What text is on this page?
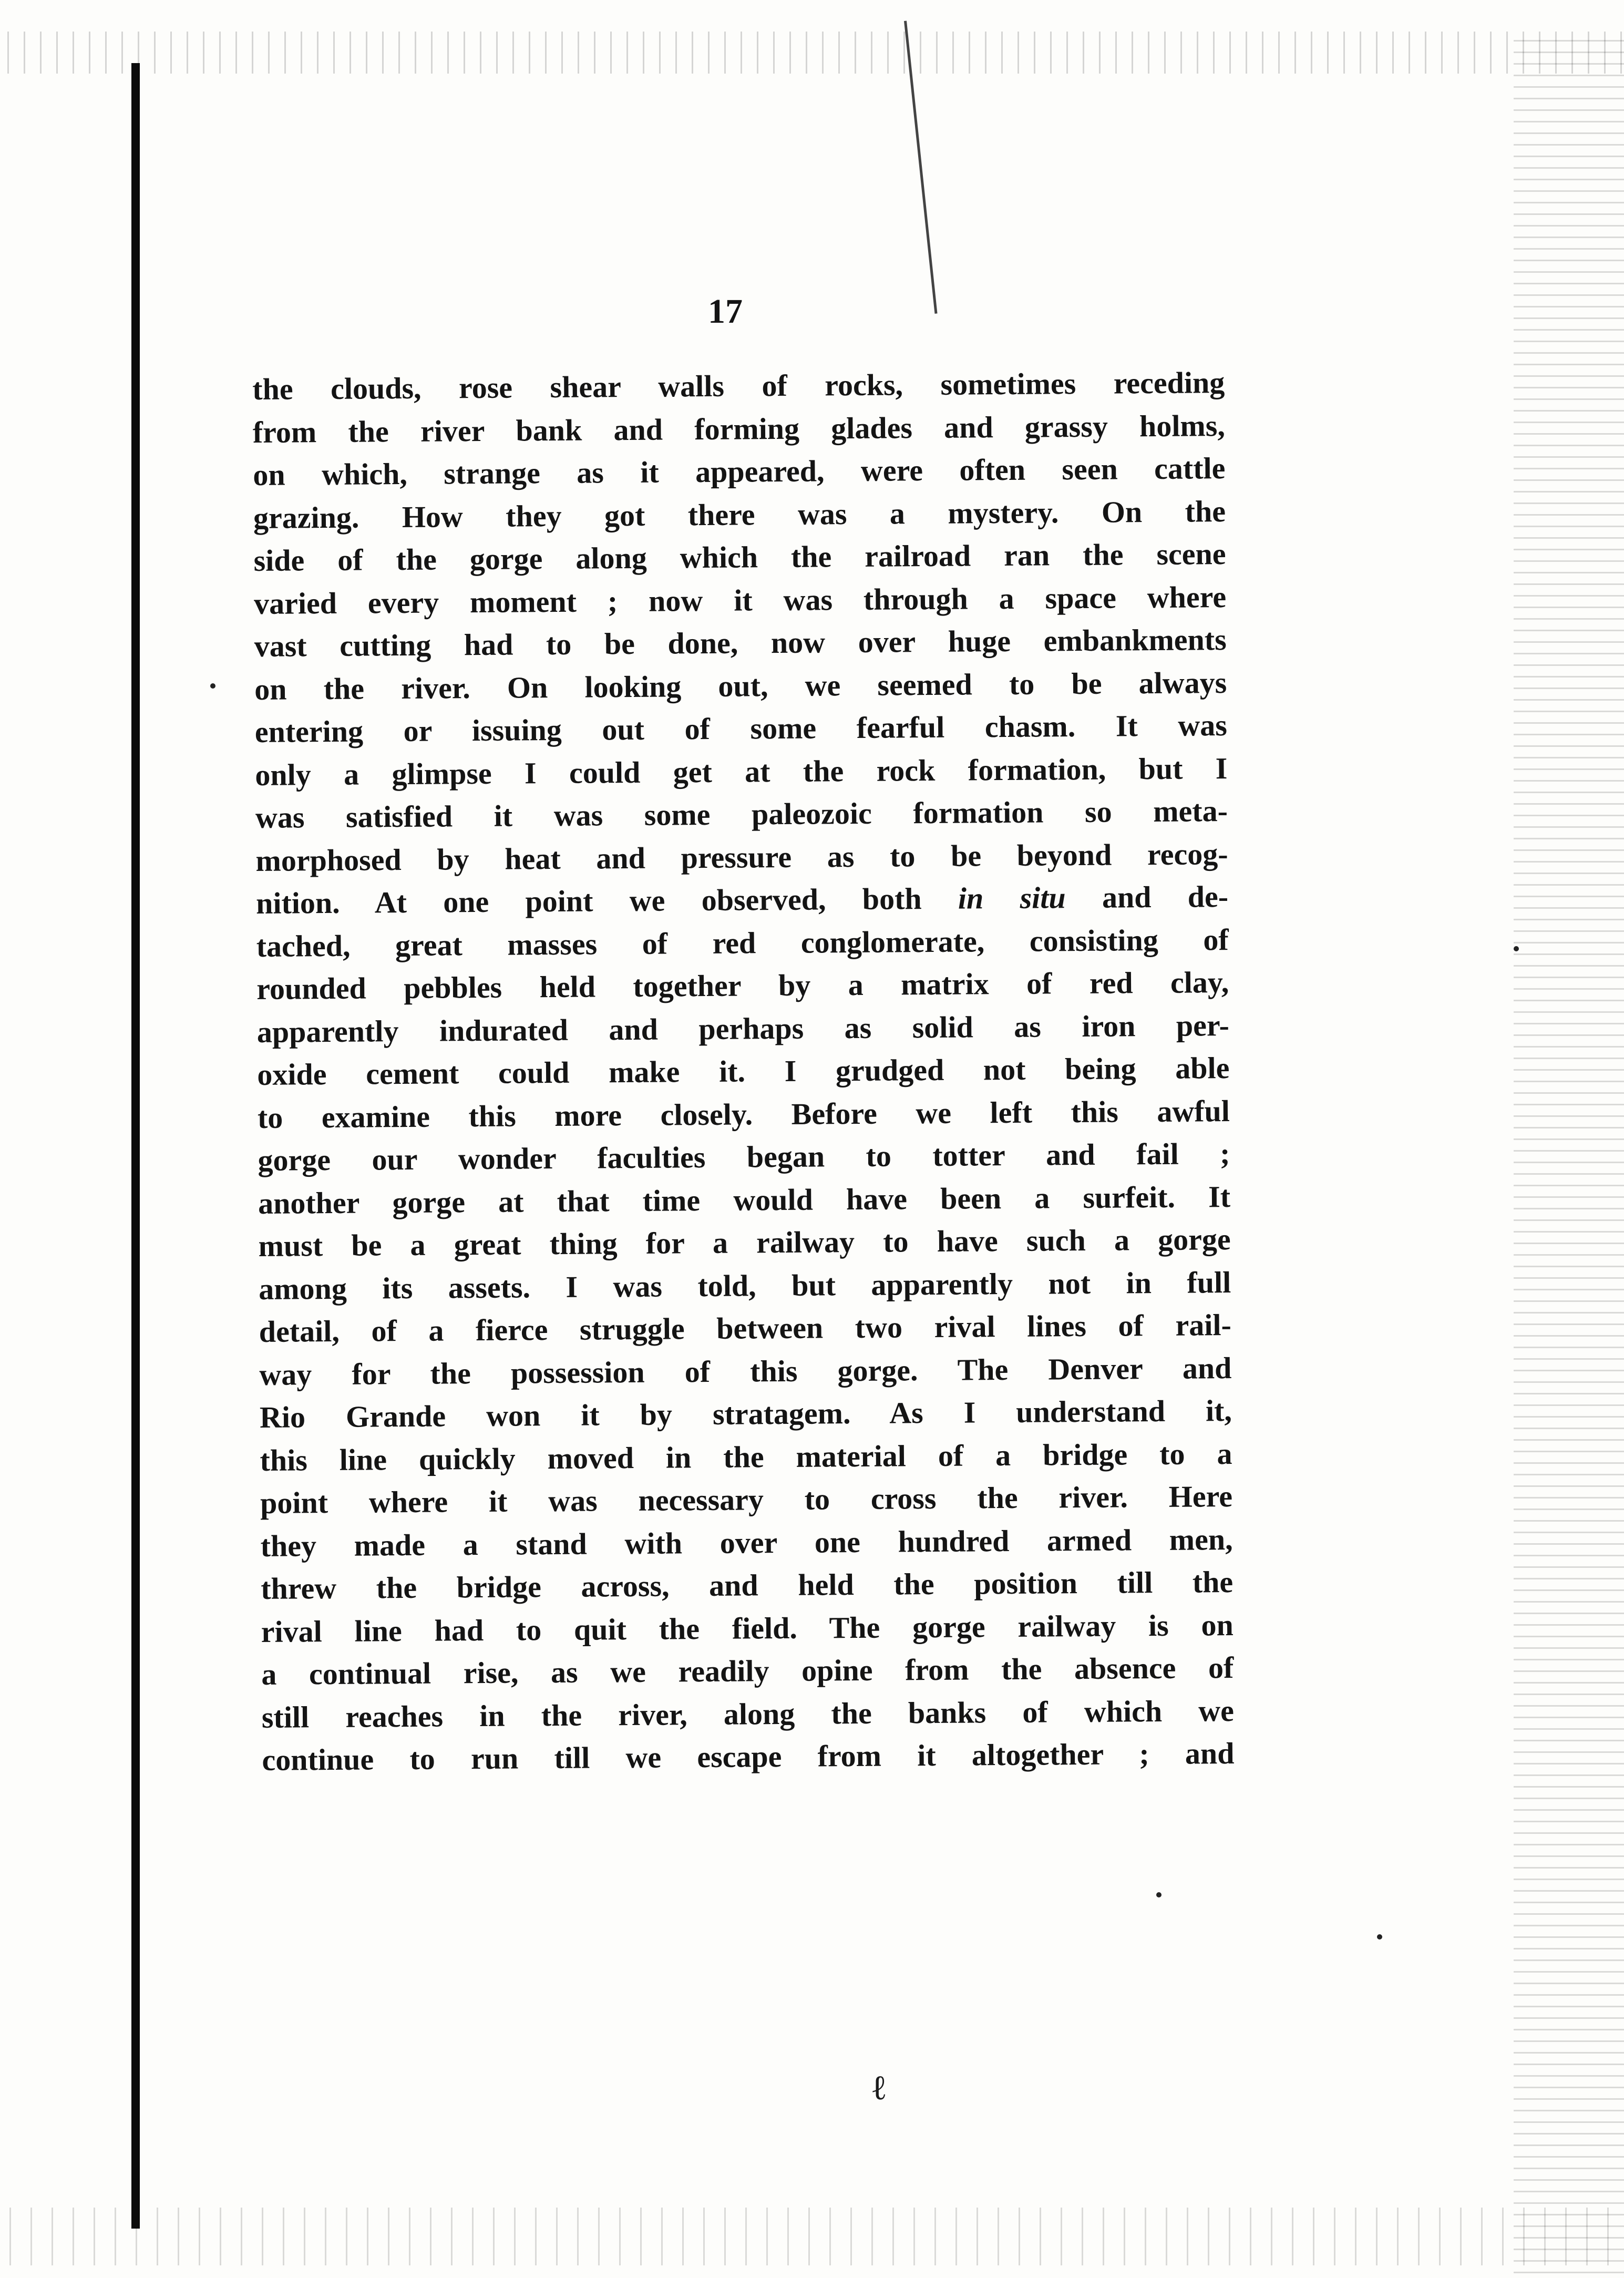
17
the clouds, rose shear walls of rocks, sometimes receding
from the river bank and forming glades and grassy holms,
on which, strange as it appeared, were often seen cattle
grazing. How they got there was a mystery. On the
side of the gorge along which the railroad ran the scene
varied every moment ; now it was through a space where
vast cutting had to be done, now over huge embankments
on the river. On looking out, we seemed to be always
entering or issuing out of some fearful chasm. It was
only a glimpse I could get at the rock formation, but I
was satisfied it was some paleozoic formation so meta-
morphosed by heat and pressure as to be beyond recog-
nition. At one point we observed, both in situ and de-
tached, great masses of red conglomerate, consisting of
rounded pebbles held together by a matrix of red clay,
apparently indurated and perhaps as solid as iron per-
oxide cement could make it. I grudged not being able
to examine this more closely. Before we left this awful
gorge our wonder faculties began to totter and fail ;
another gorge at that time would have been a surfeit. It
must be a great thing for a railway to have such a gorge
among its assets. I was told, but apparently not in full
detail, of a fierce struggle between two rival lines of rail-
way for the possession of this gorge. The Denver and
Rio Grande won it by stratagem. As I understand it,
this line quickly moved in the material of a bridge to a
point where it was necessary to cross the river. Here
they made a stand with over one hundred armed men,
threw the bridge across, and held the position till the
rival line had to quit the field. The gorge railway is on
a continual rise, as we readily opine from the absence of
still reaches in the river, along the banks of which we
continue to run till we escape from it altogether ; and
ℓ
